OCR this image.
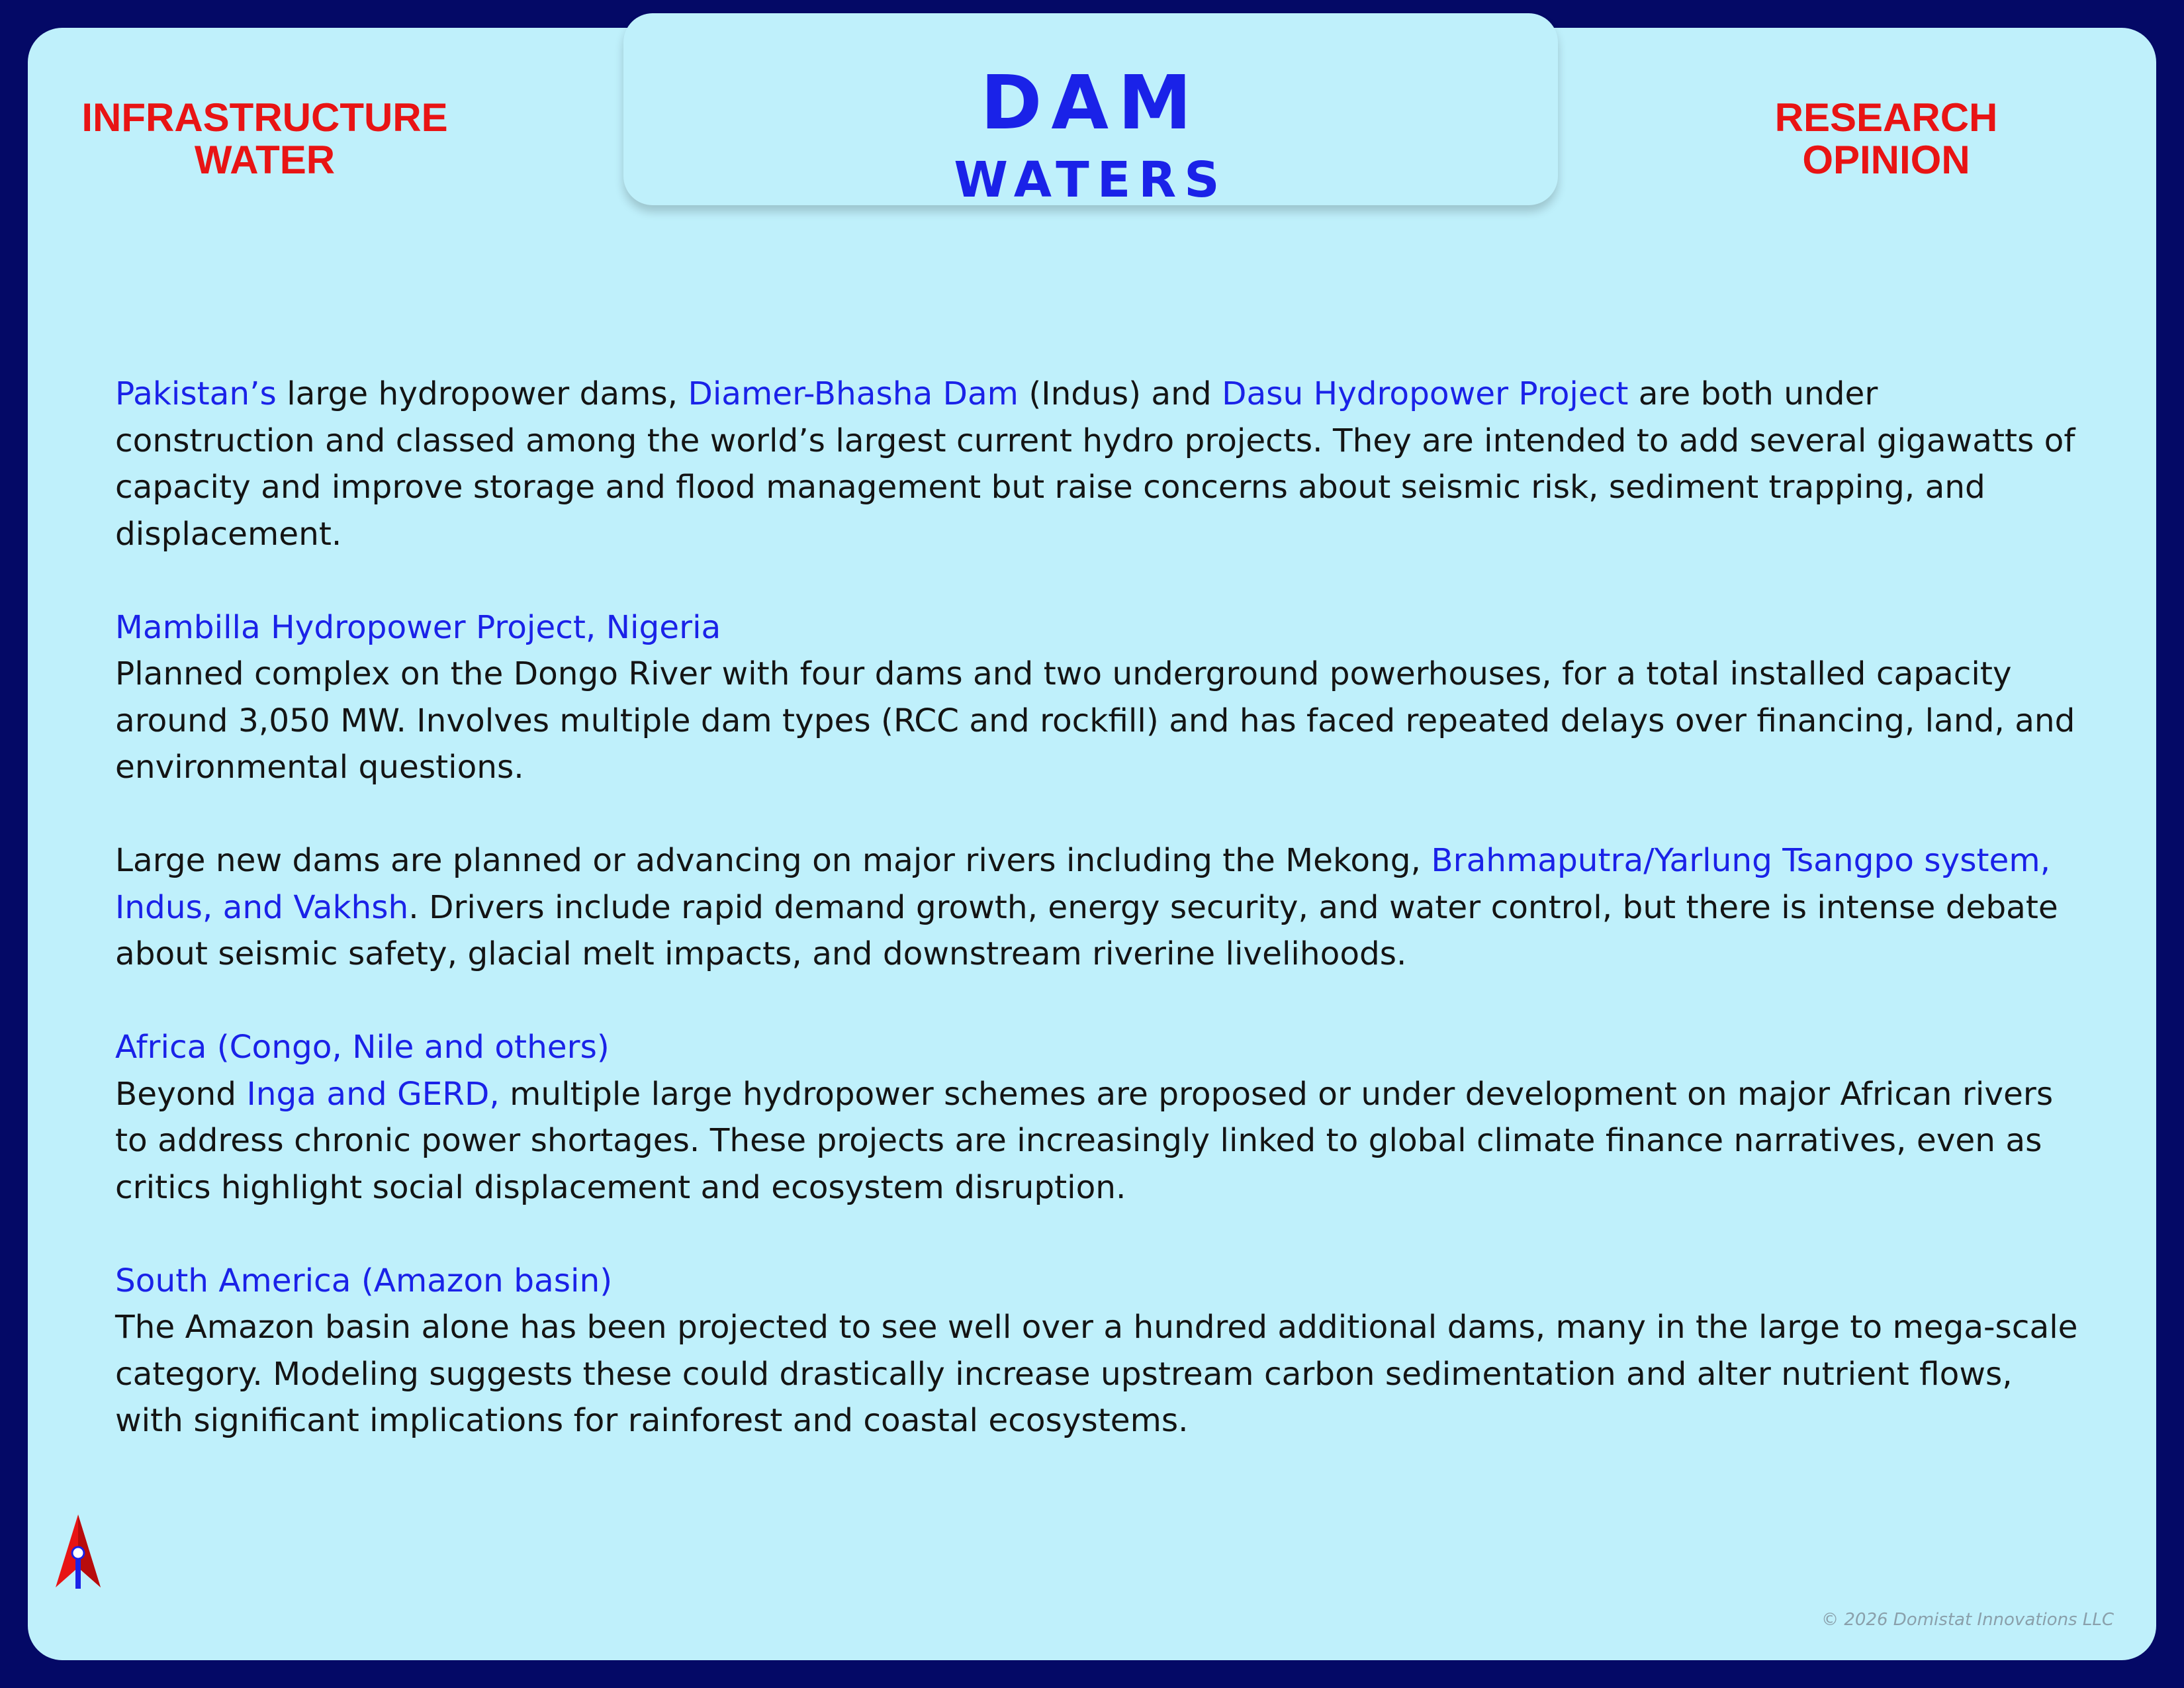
DAM
WATERS
INFRASTRUCTURE
WATER
RESEARCH
OPINION

Pakistan’s large hydropower dams, Diamer-Bhasha Dam (Indus) and Dasu Hydropower Project are both under construction and classed among the world’s largest current hydro projects. They are intended to add several gigawatts of capacity and improve storage and flood management but raise concerns about seismic risk, sediment trapping, and displacement.

Mambilla Hydropower Project, Nigeria
Planned complex on the Dongo River with four dams and two underground powerhouses, for a total installed capacity around 3,050 MW. Involves multiple dam types (RCC and rockfill) and has faced repeated delays over financing, land, and environmental questions.

Large new dams are planned or advancing on major rivers including the Mekong, Brahmaputra/Yarlung Tsangpo system, Indus, and Vakhsh. Drivers include rapid demand growth, energy security, and water control, but there is intense debate about seismic safety, glacial melt impacts, and downstream riverine livelihoods.

Africa (Congo, Nile and others)
Beyond Inga and GERD, multiple large hydropower schemes are proposed or under development on major African rivers to address chronic power shortages. These projects are increasingly linked to global climate finance narratives, even as critics highlight social displacement and ecosystem disruption.

South America (Amazon basin)
The Amazon basin alone has been projected to see well over a hundred additional dams, many in the large to mega-scale category. Modeling suggests these could drastically increase upstream carbon sedimentation and alter nutrient flows, with significant implications for rainforest and coastal ecosystems.

© 2026 Domistat Innovations LLC
